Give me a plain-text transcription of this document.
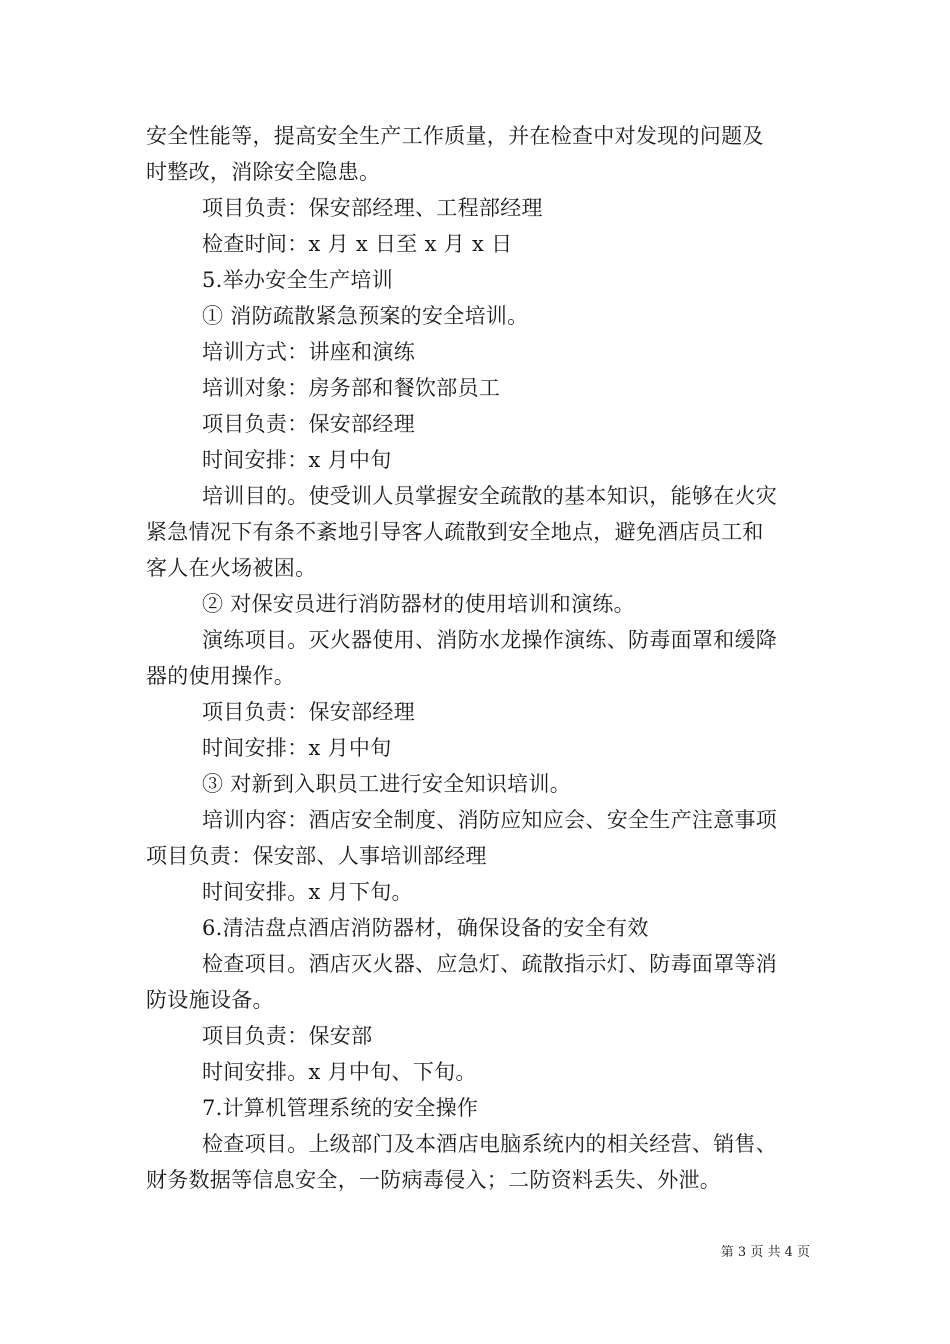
安全性能等，提高安全生产工作质量，并在检查中对发现的问题及
时整改，消除安全隐患。
项目负责：保安部经理、工程部经理
检查时间：x 月 x 日至 x 月 x 日
5.举办安全生产培训
① 消防疏散紧急预案的安全培训。
培训方式：讲座和演练
培训对象：房务部和餐饮部员工
项目负责：保安部经理
时间安排：x 月中旬
培训目的。使受训人员掌握安全疏散的基本知识，能够在火灾
紧急情况下有条不紊地引导客人疏散到安全地点，避免酒店员工和
客人在火场被困。
② 对保安员进行消防器材的使用培训和演练。
演练项目。灭火器使用、消防水龙操作演练、防毒面罩和缓降
器的使用操作。
项目负责：保安部经理
时间安排：x 月中旬
③ 对新到入职员工进行安全知识培训。
培训内容：酒店安全制度、消防应知应会、安全生产注意事项
项目负责：保安部、人事培训部经理
时间安排。x 月下旬。
6.清洁盘点酒店消防器材，确保设备的安全有效
检查项目。酒店灭火器、应急灯、疏散指示灯、防毒面罩等消
防设施设备。
项目负责：保安部
时间安排。x 月中旬、下旬。
7.计算机管理系统的安全操作
检查项目。上级部门及本酒店电脑系统内的相关经营、销售、
财务数据等信息安全，一防病毒侵入；二防资料丢失、外泄。
第 3 页 共 4 页
